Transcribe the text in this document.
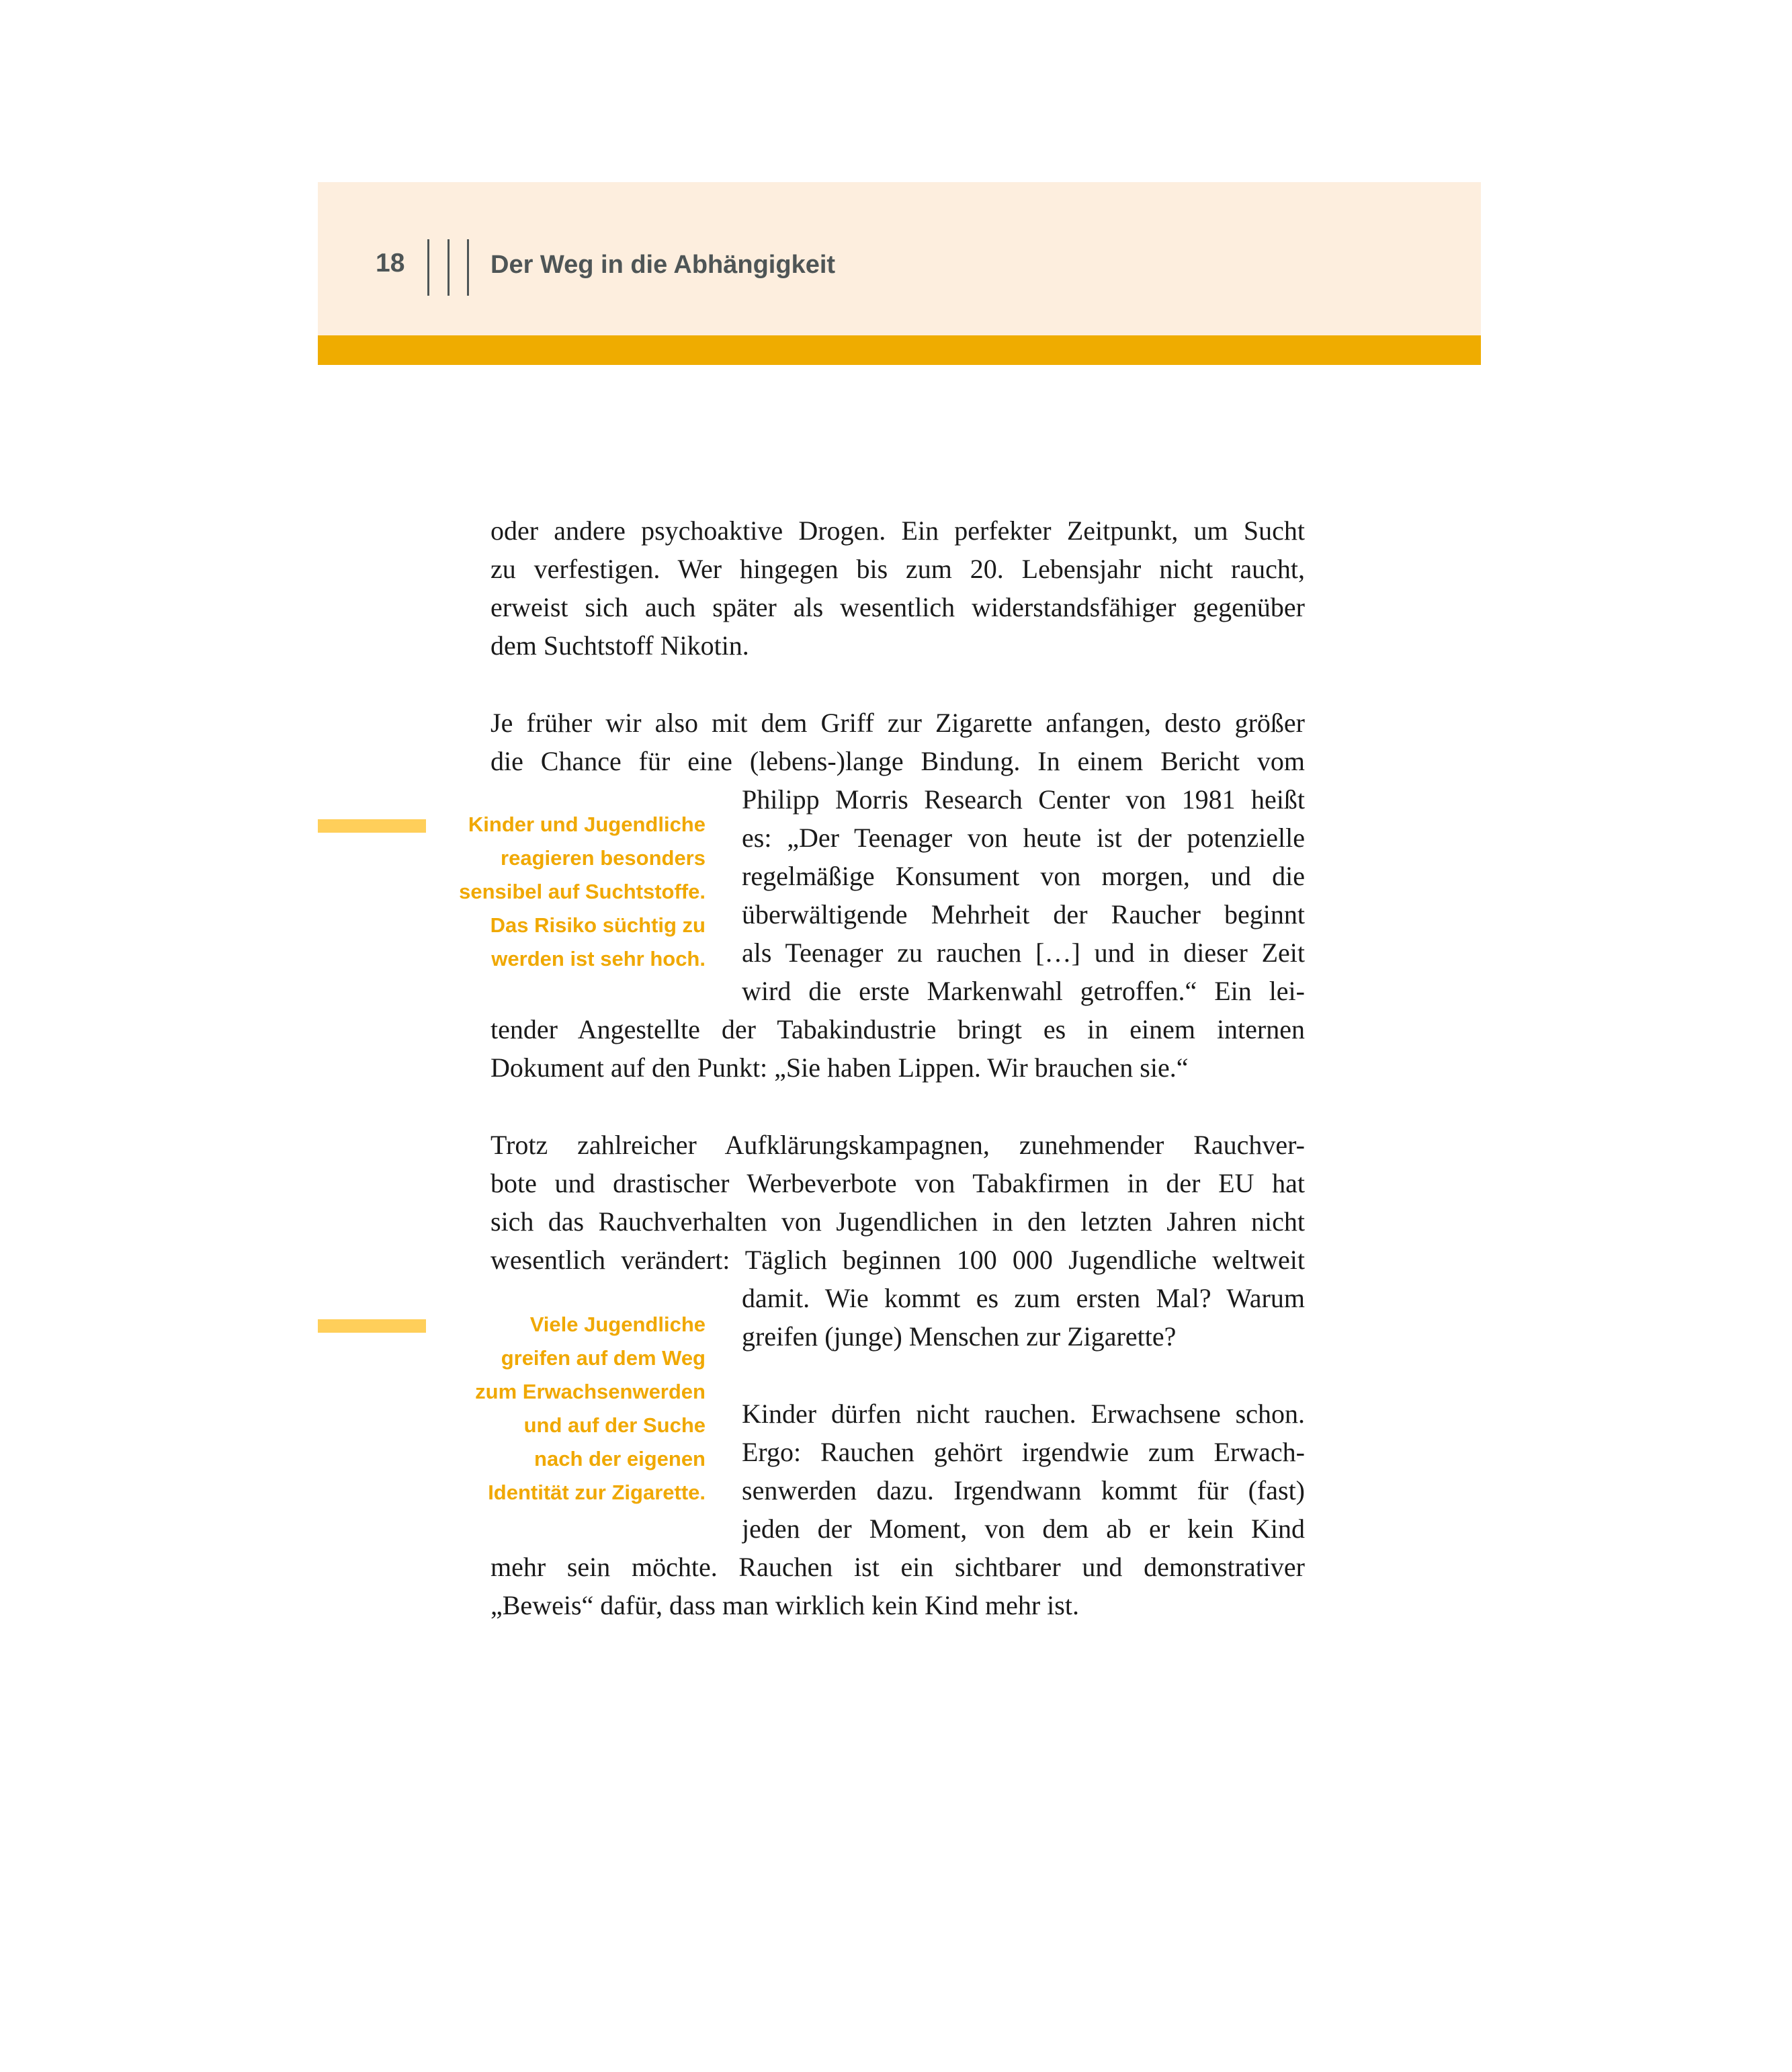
18	Der Weg in die Abhängigkeit
oder andere psychoaktive Drogen. Ein perfekter Zeitpunkt, um Sucht
zu verfestigen. Wer hingegen bis zum 20. Lebensjahr nicht raucht,
erweist sich auch später als wesentlich widerstandsfähiger gegenüber
dem Suchtstoff Nikotin.
Je früher wir also mit dem Griff zur Zigarette anfangen, desto größer
die Chance für eine (lebens-)lange Bindung. In einem Bericht vom
Philipp Morris Research Center von 1981 heißt
es: „Der Teenager von heute ist der potenzielle
regelmäßige Konsument von morgen, und die
überwältigende Mehrheit der Raucher beginnt
als Teenager zu rauchen […] und in dieser Zeit
wird die erste Markenwahl getroffen.“ Ein lei-
tender Angestellte der Tabakindustrie bringt es in einem internen
Dokument auf den Punkt: „Sie haben Lippen. Wir brauchen sie.“
Trotz zahlreicher Aufklärungskampagnen, zunehmender Rauchver-
bote und drastischer Werbeverbote von Tabakfirmen in der EU hat
sich das Rauchverhalten von Jugendlichen in den letzten Jahren nicht
wesentlich verändert: Täglich beginnen 100 000 Jugendliche weltweit
damit. Wie kommt es zum ersten Mal? Warum
greifen (junge) Menschen zur Zigarette?
Kinder dürfen nicht rauchen. Erwachsene schon.
Ergo: Rauchen gehört irgendwie zum Erwach-
senwerden dazu. Irgendwann kommt für (fast)
jeden der Moment, von dem ab er kein Kind
mehr sein möchte. Rauchen ist ein sichtbarer und demonstrativer
„Beweis“ dafür, dass man wirklich kein Kind mehr ist.
Kinder und Jugendliche
reagieren besonders
sensibel auf Suchtstoffe.
Das Risiko süchtig zu
werden ist sehr hoch.
Viele Jugendliche
greifen auf dem Weg
zum Erwachsenwerden
und auf der Suche
nach der eigenen
Identität zur Zigarette.
